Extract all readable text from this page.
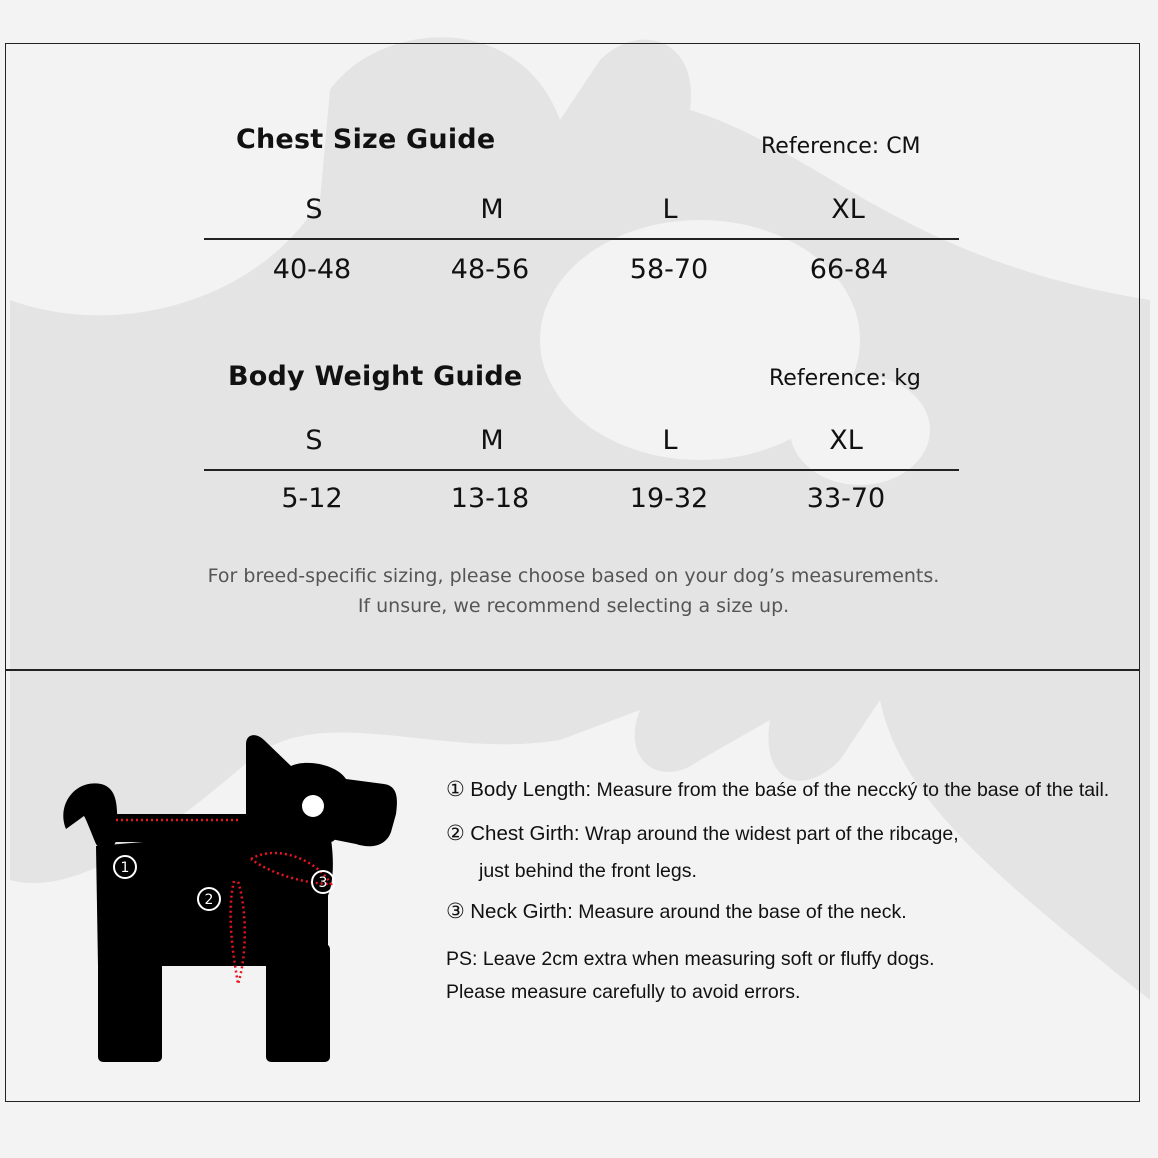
Chest Size Guide	Reference: CM
S	M	L	XL
40-48	48-56	58-70	66-84
Body Weight Guide	Reference: kg
S	M	L	XL
5-12	13-18	19-32	33-70
For breed-specific sizing, please choose based on your dog’s measurements.
If unsure, we recommend selecting a size up.
1
2
3
① Body Length: Measure from the baśe of the neccký to the base of the tail.
② Chest Girth: Wrap around the widest part of the ribcage,
just behind the front legs.
③ Neck Girth: Measure around the base of the neck.
PS: Leave 2cm extra when measuring soft or fluffy dogs.
Please measure carefully to avoid errors.
